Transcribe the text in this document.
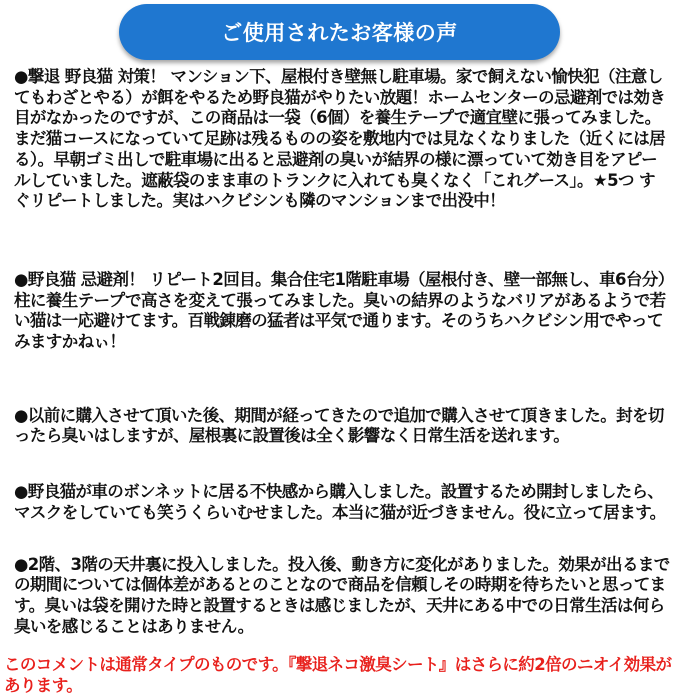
ご使用されたお客様の声

●撃退 野良猫 対策！ マンション下、屋根付き壁無し駐車場。家で飼えない愉快犯（注意してもわざとやる）が餌をやるため野良猫がやりたい放題！ホームセンターの忌避剤では効き目がなかったのですが、この商品は一袋（6個）を養生テープで適宜壁に張ってみました。まだ猫コースになっていて足跡は残るものの姿を敷地内では見なくなりました（近くには居る）。早朝ゴミ出しで駐車場に出ると忌避剤の臭いが結界の様に漂っていて効き目をアピールしていました。遮蔽袋のまま車のトランクに入れても臭くなく「これグース」。★5つ すぐリピートしました。実はハクビシンも隣のマンションまで出没中！

●野良猫 忌避剤！ リピート2回目。集合住宅1階駐車場（屋根付き、壁一部無し、車6台分）柱に養生テープで高さを変えて張ってみました。臭いの結界のようなバリアがあるようで若い猫は一応避けてます。百戦錬磨の猛者は平気で通ります。そのうちハクビシン用でやってみますかねぃ！

●以前に購入させて頂いた後、期間が経ってきたので追加で購入させて頂きました。封を切ったら臭いはしますが、屋根裏に設置後は全く影響なく日常生活を送れます。

●野良猫が車のボンネットに居る不快感から購入しました。設置するため開封しましたら、マスクをしていても笑うくらいむせました。本当に猫が近づきません。役に立って居ます。

●2階、3階の天井裏に投入しました。投入後、動き方に変化がありました。効果が出るまでの期間については個体差があるとのことなので商品を信頼しその時期を待ちたいと思ってます。臭いは袋を開けた時と設置するときは感じましたが、天井にある中での日常生活は何ら臭いを感じることはありません。

このコメントは通常タイプのものです。『撃退ネコ激臭シート』はさらに約2倍のニオイ効果があります。
